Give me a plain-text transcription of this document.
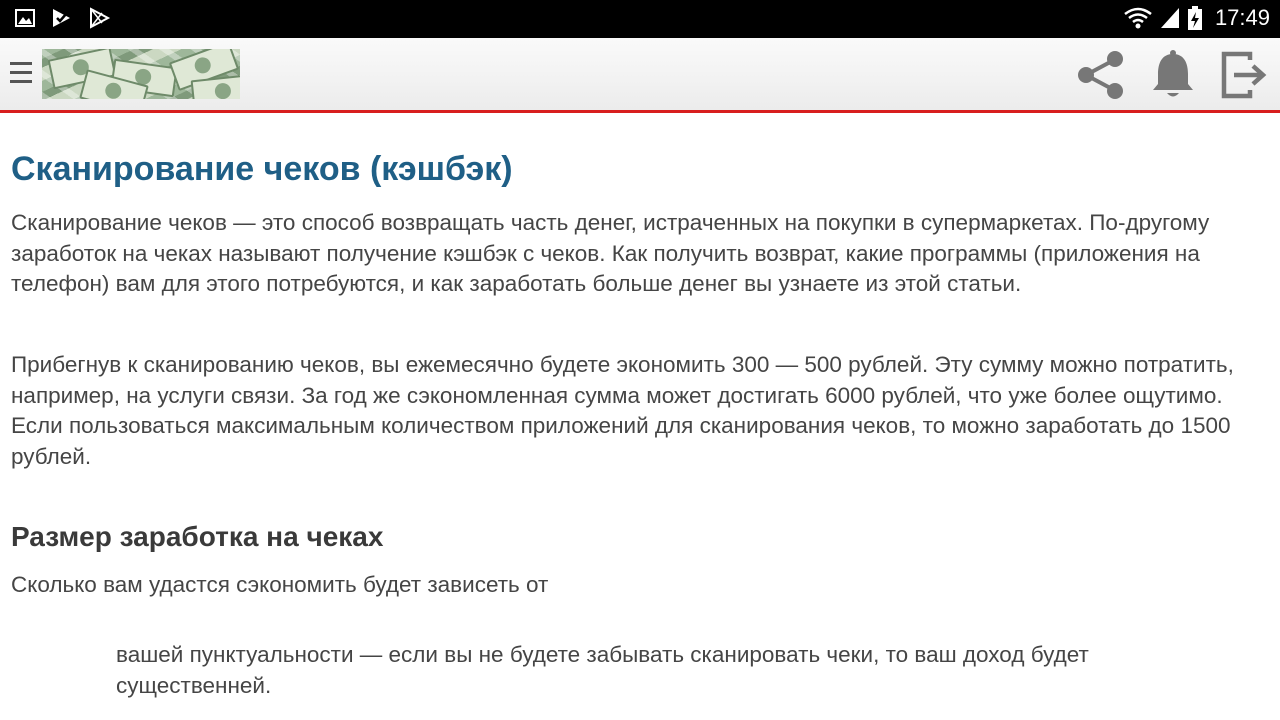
17:49
Сканирование чеков (кэшбэк)

Сканирование чеков — это способ возвращать часть денег, истраченных на покупки в супермаркетах. По-другому заработок на чеках называют получение кэшбэк с чеков. Как получить возврат, какие программы (приложения на телефон) вам для этого потребуются, и как заработать больше денег вы узнаете из этой статьи.

Прибегнув к сканированию чеков, вы ежемесячно будете экономить 300 — 500 рублей. Эту сумму можно потратить, например, на услуги связи. За год же сэкономленная сумма может достигать 6000 рублей, что уже более ощутимо. Если пользоваться максимальным количеством приложений для сканирования чеков, то можно заработать до 1500 рублей.

Размер заработка на чеках

Сколько вам удастся сэкономить будет зависеть от

вашей пунктуальности — если вы не будете забывать сканировать чеки, то ваш доход будет существенней.
